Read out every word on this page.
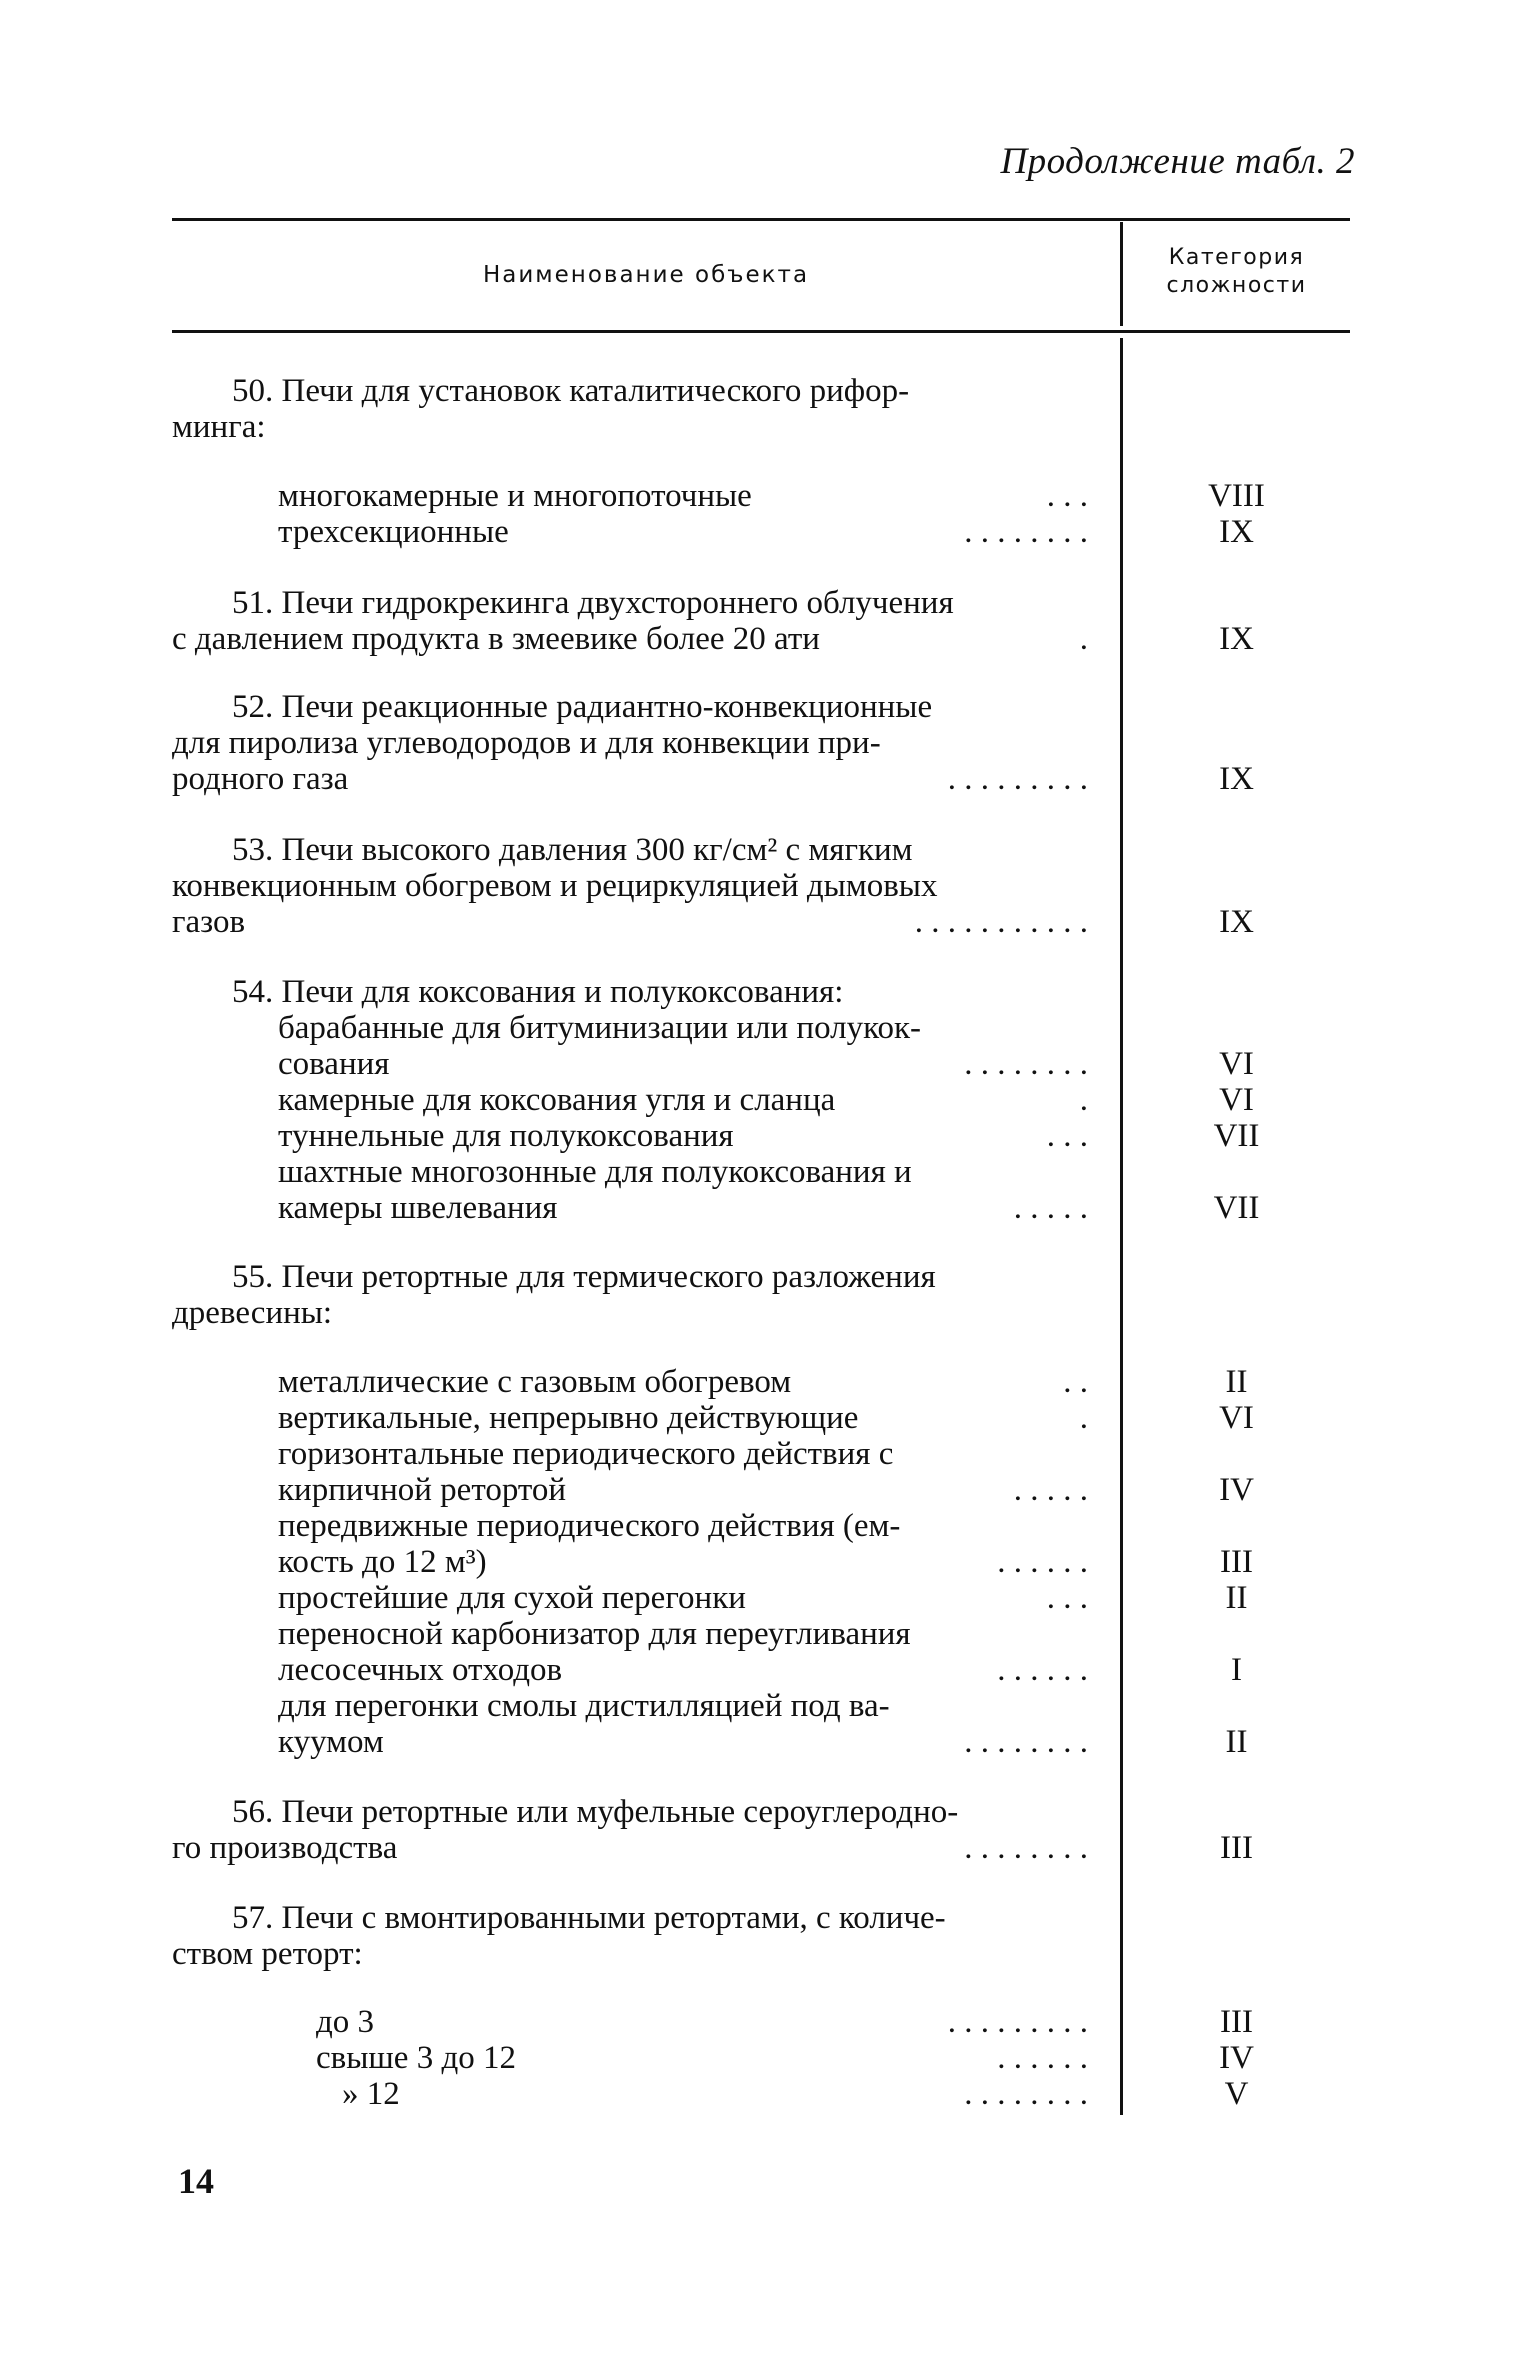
Продолжение табл. 2
Наименование объекта
Категория
сложности
50. Печи для установок каталитического рифор-
минга:
многокамерные и многопоточные	. . .	VIII
трехсекционные	. . . . . . . .	IX
51. Печи гидрокрекинга двухстороннего облучения
с давлением продукта в змеевике более 20 ати	.	IX
52. Печи реакционные радиантно-конвекционные
для пиролиза углеводородов и для конвекции при-
родного газа	. . . . . . . . .	IX
53. Печи высокого давления 300 кг/см² с мягким
конвекционным обогревом и рециркуляцией дымовых
газов	. . . . . . . . . . .	IX
54. Печи для коксования и полукоксования:
барабанные для битуминизации или полукок-
сования	. . . . . . . .	VI
камерные для коксования угля и сланца	.	VI
туннельные для полукоксования	. . .	VII
шахтные многозонные для полукоксования и
камеры швелевания	. . . . .	VII
55. Печи ретортные для термического разложения
древесины:
металлические с газовым обогревом	. .	II
вертикальные, непрерывно действующие	.	VI
горизонтальные периодического действия с
кирпичной ретортой	. . . . .	IV
передвижные периодического действия (ем-
кость до 12 м³)	. . . . . .	III
простейшие для сухой перегонки	. . .	II
переносной карбонизатор для переугливания
лесосечных отходов	. . . . . .	I
для перегонки смолы дистилляцией под ва-
куумом	. . . . . . . .	II
56. Печи ретортные или муфельные сероуглеродно-
го производства	. . . . . . . .	III
57. Печи с вмонтированными ретортами, с количе-
ством реторт:
до 3	. . . . . . . . .	III
свыше 3 до 12	. . . . . .	IV
» 12	. . . . . . . .	V
14
